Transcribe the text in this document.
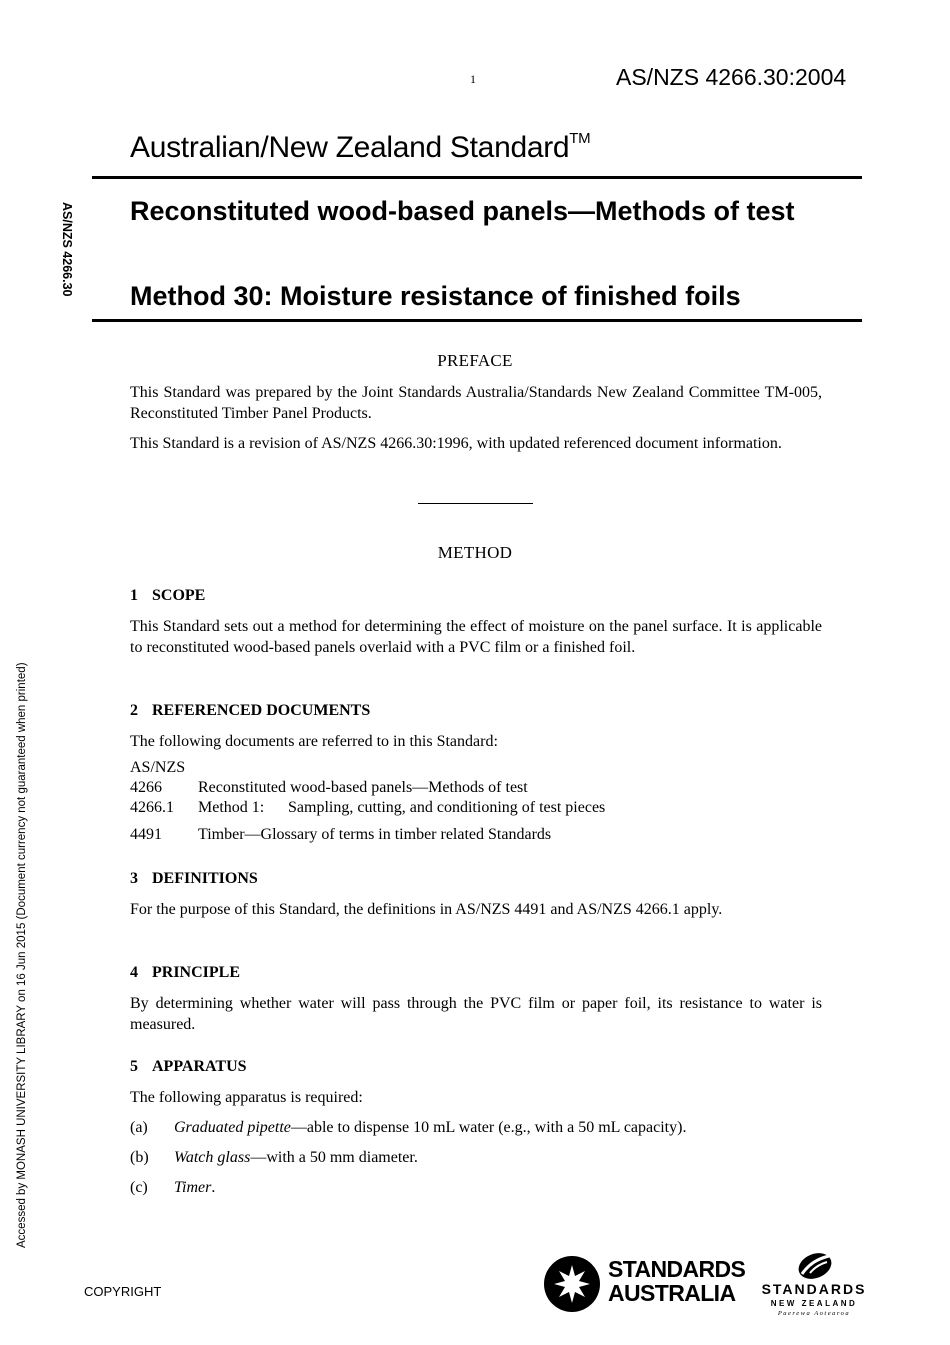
1	AS/NZS 4266.30:2004
Australian/New Zealand Standard™
Reconstituted wood-based panels—Methods of test
Method 30: Moisture resistance of finished foils
AS/NZS 4266.30
Accessed by MONASH UNIVERSITY LIBRARY on 16 Jun 2015 (Document currency not guaranteed when printed)
PREFACE
This Standard was prepared by the Joint Standards Australia/Standards New Zealand Committee TM-005, Reconstituted Timber Panel Products.
This Standard is a revision of AS/NZS 4266.30:1996, with updated referenced document information.
METHOD
1 SCOPE
This Standard sets out a method for determining the effect of moisture on the panel surface. It is applicable to reconstituted wood-based panels overlaid with a PVC film or a finished foil.
2 REFERENCED DOCUMENTS
The following documents are referred to in this Standard:
AS/NZS
4266 Reconstituted wood-based panels—Methods of test
4266.1 Method 1: Sampling, cutting, and conditioning of test pieces
4491 Timber—Glossary of terms in timber related Standards
3 DEFINITIONS
For the purpose of this Standard, the definitions in AS/NZS 4491 and AS/NZS 4266.1 apply.
4 PRINCIPLE
By determining whether water will pass through the PVC film or paper foil, its resistance to water is measured.
5 APPARATUS
The following apparatus is required:
(a) Graduated pipette—able to dispense 10 mL water (e.g., with a 50 mL capacity).
(b) Watch glass—with a 50 mm diameter.
(c) Timer.
COPYRIGHT
STANDARDS
AUSTRALIA	STANDARDS
NEW ZEALAND
Paerewa Aotearoa
